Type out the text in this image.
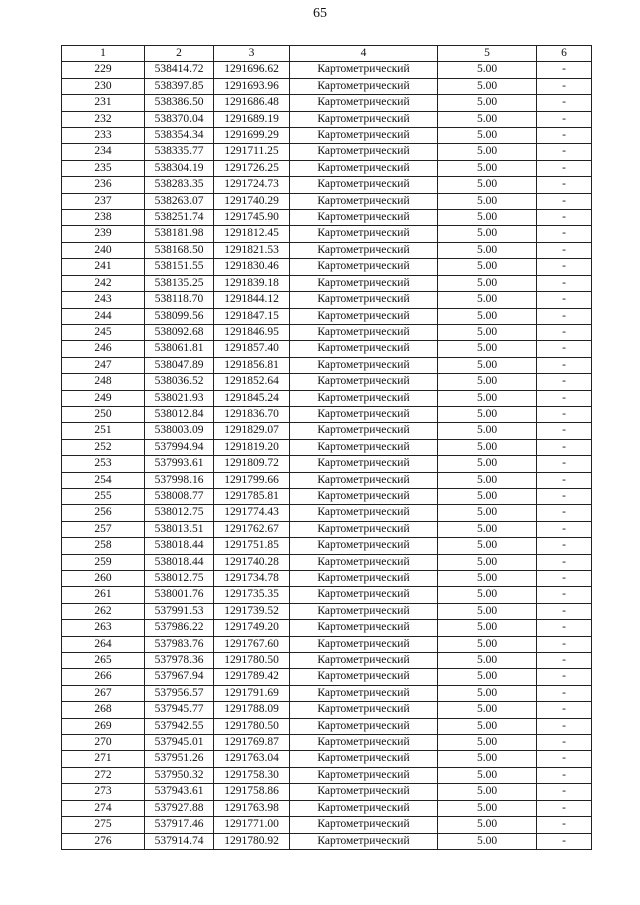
65
1	2	3	4	5	6
229	538414.72	1291696.62	Картометрический	5.00	-
230	538397.85	1291693.96	Картометрический	5.00	-
231	538386.50	1291686.48	Картометрический	5.00	-
232	538370.04	1291689.19	Картометрический	5.00	-
233	538354.34	1291699.29	Картометрический	5.00	-
234	538335.77	1291711.25	Картометрический	5.00	-
235	538304.19	1291726.25	Картометрический	5.00	-
236	538283.35	1291724.73	Картометрический	5.00	-
237	538263.07	1291740.29	Картометрический	5.00	-
238	538251.74	1291745.90	Картометрический	5.00	-
239	538181.98	1291812.45	Картометрический	5.00	-
240	538168.50	1291821.53	Картометрический	5.00	-
241	538151.55	1291830.46	Картометрический	5.00	-
242	538135.25	1291839.18	Картометрический	5.00	-
243	538118.70	1291844.12	Картометрический	5.00	-
244	538099.56	1291847.15	Картометрический	5.00	-
245	538092.68	1291846.95	Картометрический	5.00	-
246	538061.81	1291857.40	Картометрический	5.00	-
247	538047.89	1291856.81	Картометрический	5.00	-
248	538036.52	1291852.64	Картометрический	5.00	-
249	538021.93	1291845.24	Картометрический	5.00	-
250	538012.84	1291836.70	Картометрический	5.00	-
251	538003.09	1291829.07	Картометрический	5.00	-
252	537994.94	1291819.20	Картометрический	5.00	-
253	537993.61	1291809.72	Картометрический	5.00	-
254	537998.16	1291799.66	Картометрический	5.00	-
255	538008.77	1291785.81	Картометрический	5.00	-
256	538012.75	1291774.43	Картометрический	5.00	-
257	538013.51	1291762.67	Картометрический	5.00	-
258	538018.44	1291751.85	Картометрический	5.00	-
259	538018.44	1291740.28	Картометрический	5.00	-
260	538012.75	1291734.78	Картометрический	5.00	-
261	538001.76	1291735.35	Картометрический	5.00	-
262	537991.53	1291739.52	Картометрический	5.00	-
263	537986.22	1291749.20	Картометрический	5.00	-
264	537983.76	1291767.60	Картометрический	5.00	-
265	537978.36	1291780.50	Картометрический	5.00	-
266	537967.94	1291789.42	Картометрический	5.00	-
267	537956.57	1291791.69	Картометрический	5.00	-
268	537945.77	1291788.09	Картометрический	5.00	-
269	537942.55	1291780.50	Картометрический	5.00	-
270	537945.01	1291769.87	Картометрический	5.00	-
271	537951.26	1291763.04	Картометрический	5.00	-
272	537950.32	1291758.30	Картометрический	5.00	-
273	537943.61	1291758.86	Картометрический	5.00	-
274	537927.88	1291763.98	Картометрический	5.00	-
275	537917.46	1291771.00	Картометрический	5.00	-
276	537914.74	1291780.92	Картометрический	5.00	-
